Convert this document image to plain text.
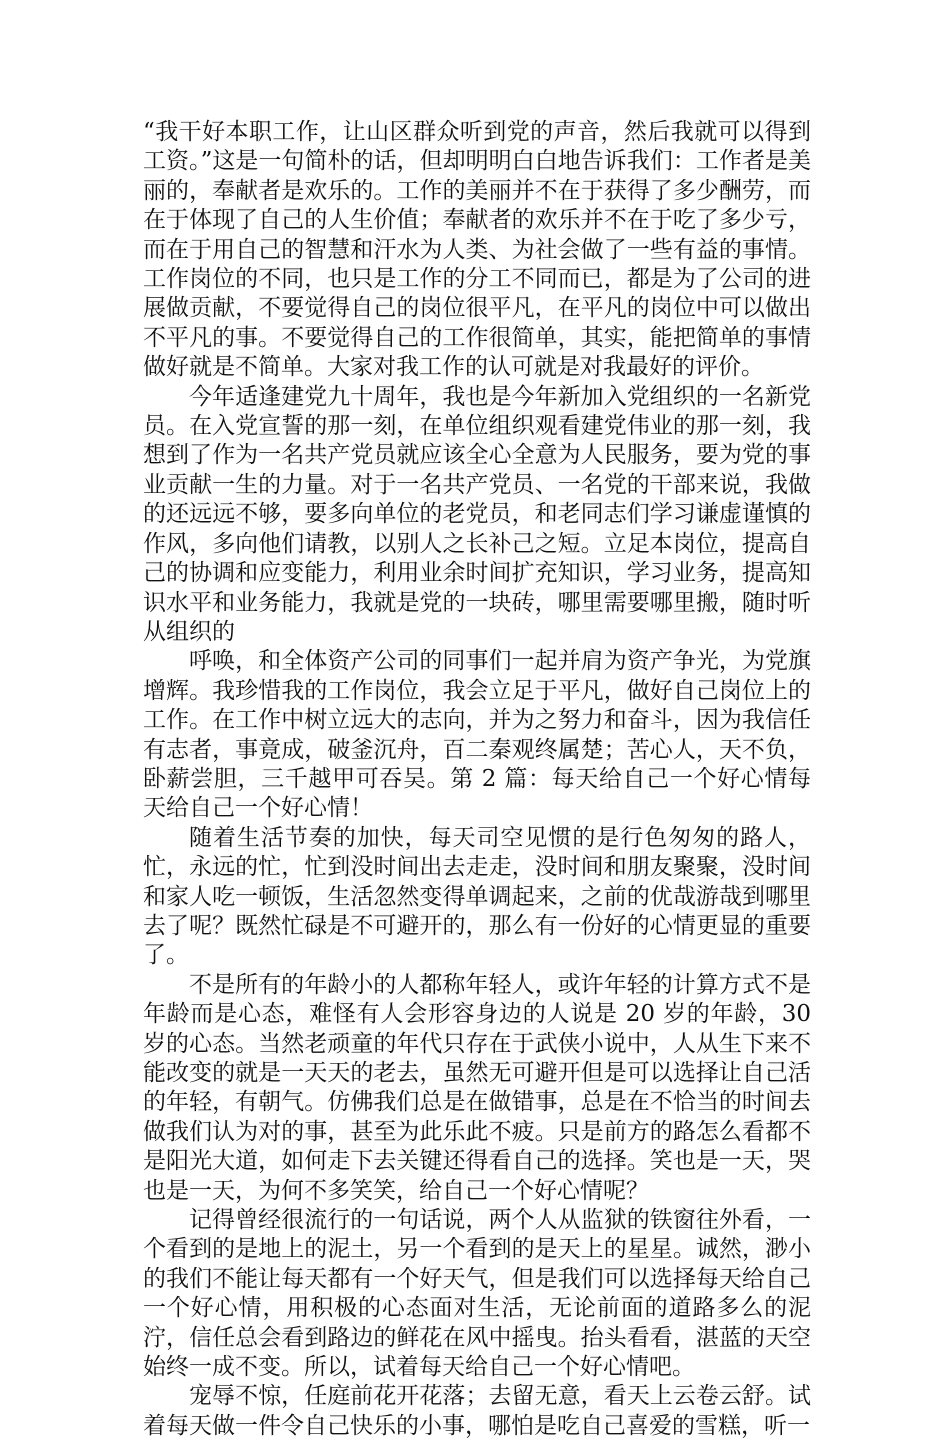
“我干好本职工作，让山区群众听到党的声音，然后我就可以得到工资。”这是一句简朴的话，但却明明白白地告诉我们：工作者是美丽的，奉献者是欢乐的。工作的美丽并不在于获得了多少酬劳，而在于体现了自己的人生价值；奉献者的欢乐并不在于吃了多少亏，而在于用自己的智慧和汗水为人类、为社会做了一些有益的事情。工作岗位的不同，也只是工作的分工不同而已，都是为了公司的进展做贡献，不要觉得自己的岗位很平凡，在平凡的岗位中可以做出不平凡的事。不要觉得自己的工作很简单，其实，能把简单的事情做好就是不简单。大家对我工作的认可就是对我最好的评价。

今年适逢建党九十周年，我也是今年新加入党组织的一名新党员。在入党宣誓的那一刻，在单位组织观看建党伟业的那一刻，我想到了作为一名共产党员就应该全心全意为人民服务，要为党的事业贡献一生的力量。对于一名共产党员、一名党的干部来说，我做的还远远不够，要多向单位的老党员，和老同志们学习谦虚谨慎的作风，多向他们请教，以别人之长补己之短。立足本岗位，提高自己的协调和应变能力，利用业余时间扩充知识，学习业务，提高知识水平和业务能力，我就是党的一块砖，哪里需要哪里搬，随时听从组织的

呼唤，和全体资产公司的同事们一起并肩为资产争光，为党旗增辉。我珍惜我的工作岗位，我会立足于平凡，做好自己岗位上的工作。在工作中树立远大的志向，并为之努力和奋斗，因为我信任有志者，事竟成，破釜沉舟，百二秦观终属楚；苦心人，天不负，卧薪尝胆，三千越甲可吞吴。第 2 篇：每天给自己一个好心情每天给自己一个好心情！

随着生活节奏的加快，每天司空见惯的是行色匆匆的路人，忙，永远的忙，忙到没时间出去走走，没时间和朋友聚聚，没时间和家人吃一顿饭，生活忽然变得单调起来，之前的优哉游哉到哪里去了呢？既然忙碌是不可避开的，那么有一份好的心情更显的重要了。

不是所有的年龄小的人都称年轻人，或许年轻的计算方式不是年龄而是心态，难怪有人会形容身边的人说是 20 岁的年龄，30 岁的心态。当然老顽童的年代只存在于武侠小说中，人从生下来不能改变的就是一天天的老去，虽然无可避开但是可以选择让自己活的年轻，有朝气。仿佛我们总是在做错事，总是在不恰当的时间去做我们认为对的事，甚至为此乐此不疲。只是前方的路怎么看都不是阳光大道，如何走下去关键还得看自己的选择。笑也是一天，哭也是一天，为何不多笑笑，给自己一个好心情呢？

记得曾经很流行的一句话说，两个人从监狱的铁窗往外看，一个看到的是地上的泥土，另一个看到的是天上的星星。诚然，渺小的我们不能让每天都有一个好天气，但是我们可以选择每天给自己一个好心情，用积极的心态面对生活，无论前面的道路多么的泥泞，信任总会看到路边的鲜花在风中摇曳。抬头看看，湛蓝的天空始终一成不变。所以，试着每天给自己一个好心情吧。

宠辱不惊，任庭前花开花落；去留无意，看天上云卷云舒。试着每天做一件令自己快乐的小事，哪怕是吃自己喜爱的雪糕，听一
